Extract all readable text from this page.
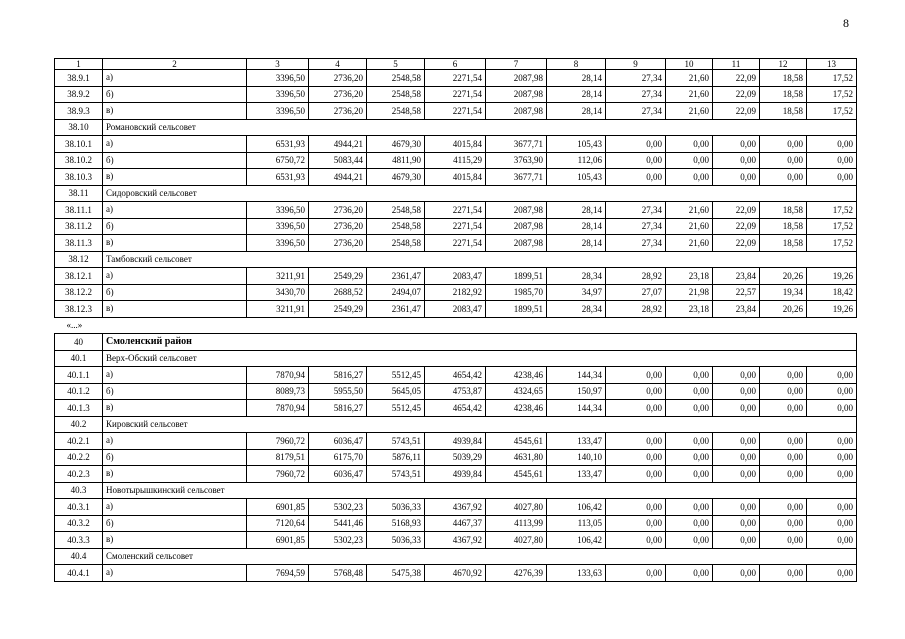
8
1	2	3	4	5	6	7	8	9	10	11	12	13
38.9.1	а)	3396,50	2736,20	2548,58	2271,54	2087,98	28,14	27,34	21,60	22,09	18,58	17,52
38.9.2	б)	3396,50	2736,20	2548,58	2271,54	2087,98	28,14	27,34	21,60	22,09	18,58	17,52
38.9.3	в)	3396,50	2736,20	2548,58	2271,54	2087,98	28,14	27,34	21,60	22,09	18,58	17,52
38.10	Романовский сельсовет											
38.10.1	а)	6531,93	4944,21	4679,30	4015,84	3677,71	105,43	0,00	0,00	0,00	0,00	0,00
38.10.2	б)	6750,72	5083,44	4811,90	4115,29	3763,90	112,06	0,00	0,00	0,00	0,00	0,00
38.10.3	в)	6531,93	4944,21	4679,30	4015,84	3677,71	105,43	0,00	0,00	0,00	0,00	0,00
38.11	Сидоровский сельсовет											
38.11.1	а)	3396,50	2736,20	2548,58	2271,54	2087,98	28,14	27,34	21,60	22,09	18,58	17,52
38.11.2	б)	3396,50	2736,20	2548,58	2271,54	2087,98	28,14	27,34	21,60	22,09	18,58	17,52
38.11.3	в)	3396,50	2736,20	2548,58	2271,54	2087,98	28,14	27,34	21,60	22,09	18,58	17,52
38.12	Тамбовский сельсовет											
38.12.1	а)	3211,91	2549,29	2361,47	2083,47	1899,51	28,34	28,92	23,18	23,84	20,26	19,26
38.12.2	б)	3430,70	2688,52	2494,07	2182,92	1985,70	34,97	27,07	21,98	22,57	19,34	18,42
38.12.3	в)	3211,91	2549,29	2361,47	2083,47	1899,51	28,34	28,92	23,18	23,84	20,26	19,26
«...»												
40	Смоленский район											
40.1	Верх-Обский сельсовет											
40.1.1	а)	7870,94	5816,27	5512,45	4654,42	4238,46	144,34	0,00	0,00	0,00	0,00	0,00
40.1.2	б)	8089,73	5955,50	5645,05	4753,87	4324,65	150,97	0,00	0,00	0,00	0,00	0,00
40.1.3	в)	7870,94	5816,27	5512,45	4654,42	4238,46	144,34	0,00	0,00	0,00	0,00	0,00
40.2	Кировский сельсовет											
40.2.1	а)	7960,72	6036,47	5743,51	4939,84	4545,61	133,47	0,00	0,00	0,00	0,00	0,00
40.2.2	б)	8179,51	6175,70	5876,11	5039,29	4631,80	140,10	0,00	0,00	0,00	0,00	0,00
40.2.3	в)	7960,72	6036,47	5743,51	4939,84	4545,61	133,47	0,00	0,00	0,00	0,00	0,00
40.3	Новотырышкинский сельсовет											
40.3.1	а)	6901,85	5302,23	5036,33	4367,92	4027,80	106,42	0,00	0,00	0,00	0,00	0,00
40.3.2	б)	7120,64	5441,46	5168,93	4467,37	4113,99	113,05	0,00	0,00	0,00	0,00	0,00
40.3.3	в)	6901,85	5302,23	5036,33	4367,92	4027,80	106,42	0,00	0,00	0,00	0,00	0,00
40.4	Смоленский сельсовет											
40.4.1	а)	7694,59	5768,48	5475,38	4670,92	4276,39	133,63	0,00	0,00	0,00	0,00	0,00
